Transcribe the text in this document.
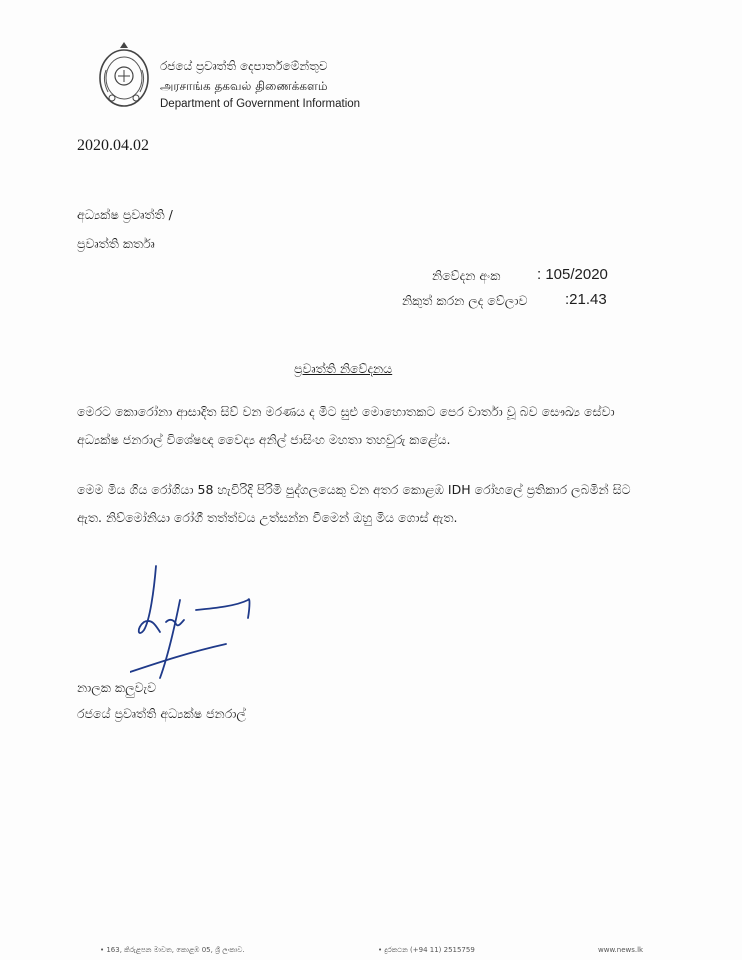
රජයේ ප්‍රවෘත්ති දෙපාර්තමේන්තුව
அரசாங்க தகவல் திணைக்களம்
Department of Government Information
2020.04.02
අධ්‍යක්ෂ ප්‍රවෘත්ති /
ප්‍රවෘත්ති කර්තෘ
නිවේදන අංක : 105/2020
නිකුත් කරන ලද වේලාව	:21.43
ප්‍රවෘත්ති නිවේදනය
මෙරට කොරෝනා ආසාදිත සිව් වන මරණය ද මීට සුළු මොහොතකට පෙර වාර්තා වූ බව සෞඛ්‍ය සේවා අධ්‍යක්ෂ ජනරාල් විශේෂඥ වෛද්‍ය අනිල් ජාසිංහ මහතා තහවුරු කළේය.
මෙම මිය ගිය රෝගියා 58 හැවිරිදි පිරිමි පුද්ගලයෙකු වන අතර කොළඹ IDH රෝහලේ ප්‍රතිකාර ලබමින් සිට ඇත. නිව්මෝනියා රෝගී තත්ත්වය උත්සන්න වීමෙන් ඔහු මිය ගොස් ඇත.
නාලක කලුවැව
රජයේ ප්‍රවෘත්ති අධ්‍යක්ෂ ජනරාල්
• 163, කිරුළපන මාවත, කොළඹ 05, ශ්‍රී ලංකාව.	• දුරකථන (+94 11) 2515759	www.news.lk
